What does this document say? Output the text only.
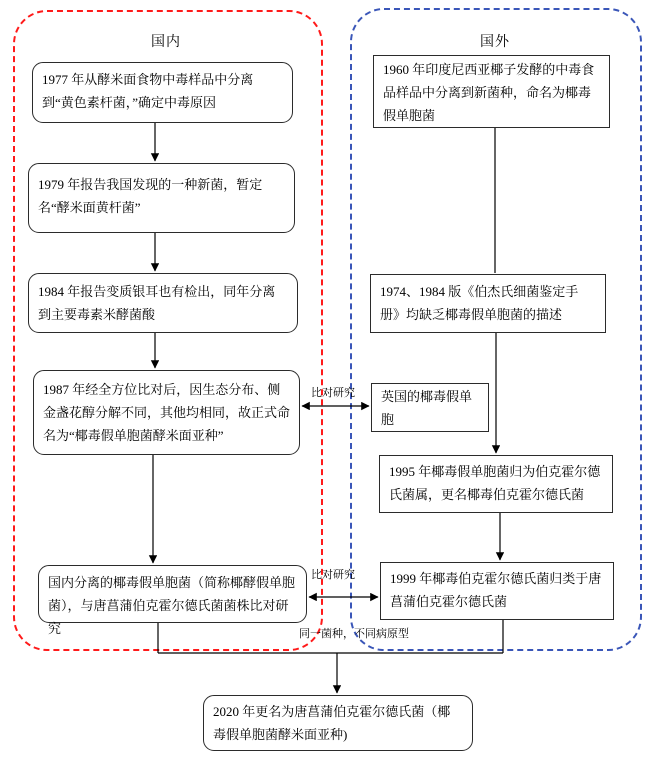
国内	国外
1977 年从酵米面食物中毒样品中分离到“黄色素杆菌，”确定中毒原因
1979 年报告我国发现的一种新菌，暂定名“酵米面黄杆菌”
1984 年报告变质银耳也有检出，同年分离到主要毒素米酵菌酸
1987 年经全方位比对后，因生态分布、侧金盏花醇分解不同，其他均相同，故正式命名为“椰毒假单胞菌酵米面亚种”
国内分离的椰毒假单胞菌（简称椰酵假单胞菌），与唐菖蒲伯克霍尔德氏菌菌株比对研究
1960 年印度尼西亚椰子发酵的中毒食品样品中分离到新菌种，命名为椰毒假单胞菌
1974、1984 版《伯杰氏细菌鉴定手册》均缺乏椰毒假单胞菌的描述
英国的椰毒假单胞
1995 年椰毒假单胞菌归为伯克霍尔德氏菌属，更名椰毒伯克霍尔德氏菌
1999 年椰毒伯克霍尔德氏菌归类于唐菖蒲伯克霍尔德氏菌
2020 年更名为唐菖蒲伯克霍尔德氏菌（椰毒假单胞菌酵米面亚种)
比对研究
比对研究
同一菌种，不同病原型
